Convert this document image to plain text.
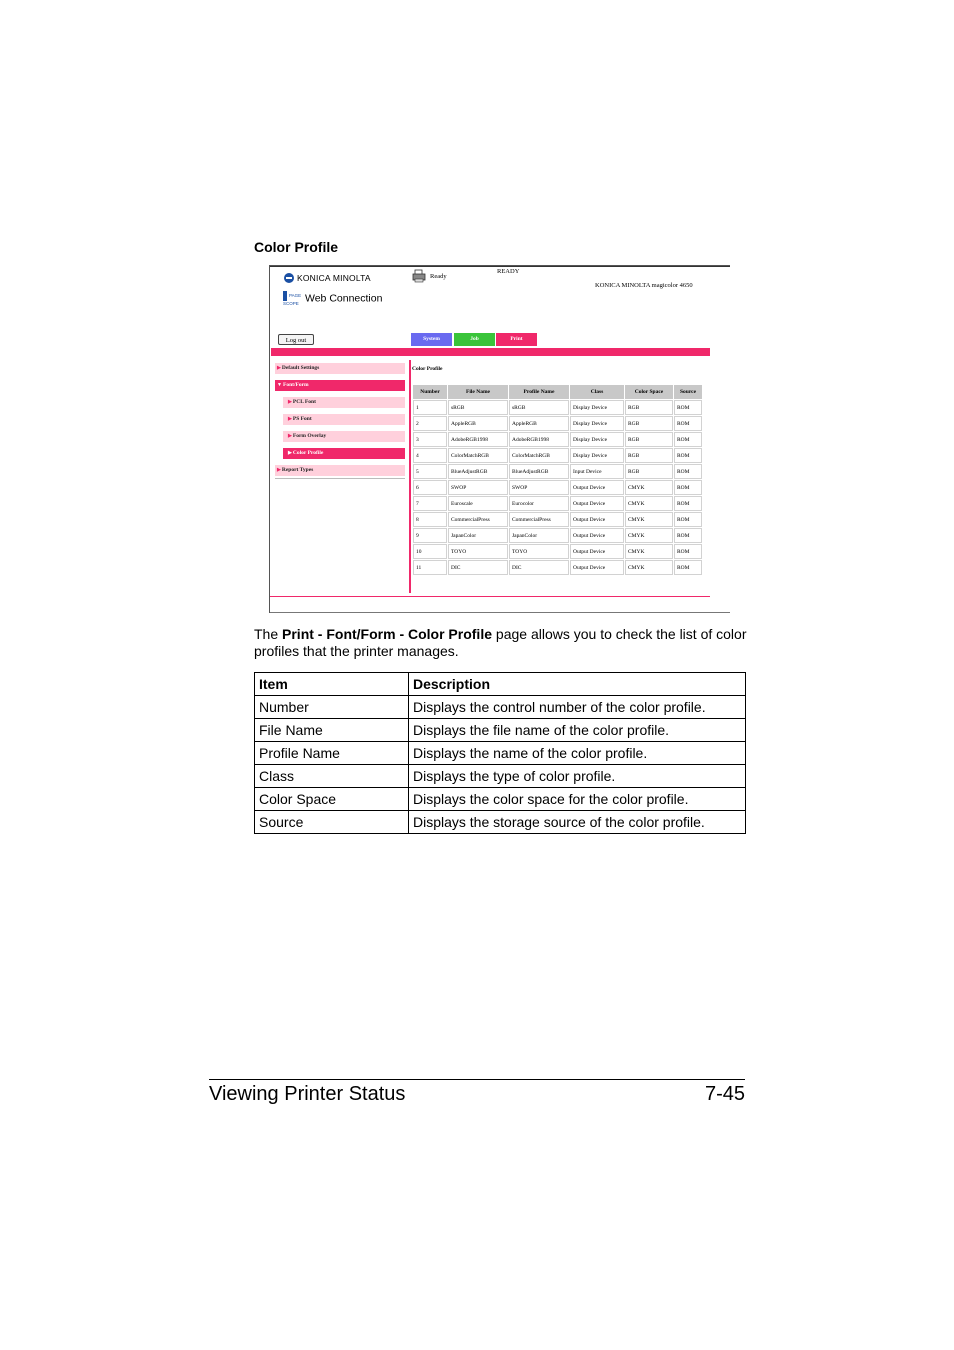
Color Profile
KONICA MINOLTA
PAGE
SCOPE Web Connection
Ready
READY
KONICA MINOLTA magicolor 4650
Log out	System	Job	Print
▶Default Settings
▼Font/Form
▶PCL Font
▶PS Font
▶Form Overlay
▶Color Profile
▶Report Types
Color Profile
Number	File Name	Profile Name	Class	Color Space	Source
1	sRGB	sRGB	Display Device	RGB	ROM
2	AppleRGB	AppleRGB	Display Device	RGB	ROM
3	AdobeRGB1998	AdobeRGB1998	Display Device	RGB	ROM
4	ColorMatchRGB	ColorMatchRGB	Display Device	RGB	ROM
5	BlueAdjustRGB	BlueAdjustRGB	Input Device	RGB	ROM
6	SWOP	SWOP	Output Device	CMYK	ROM
7	Euroscale	Eurocolor	Output Device	CMYK	ROM
8	CommercialPress	CommercialPress	Output Device	CMYK	ROM
9	JapanColor	JapanColor	Output Device	CMYK	ROM
10	TOYO	TOYO	Output Device	CMYK	ROM
11	DIC	DIC	Output Device	CMYK	ROM
The Print - Font/Form - Color Profile page allows you to check the list of color profiles that the printer manages.
Item	Description
Number	Displays the control number of the color profile.
File Name	Displays the file name of the color profile.
Profile Name	Displays the name of the color profile.
Class	Displays the type of color profile.
Color Space	Displays the color space for the color profile.
Source	Displays the storage source of the color profile.
Viewing Printer Status	7-45
